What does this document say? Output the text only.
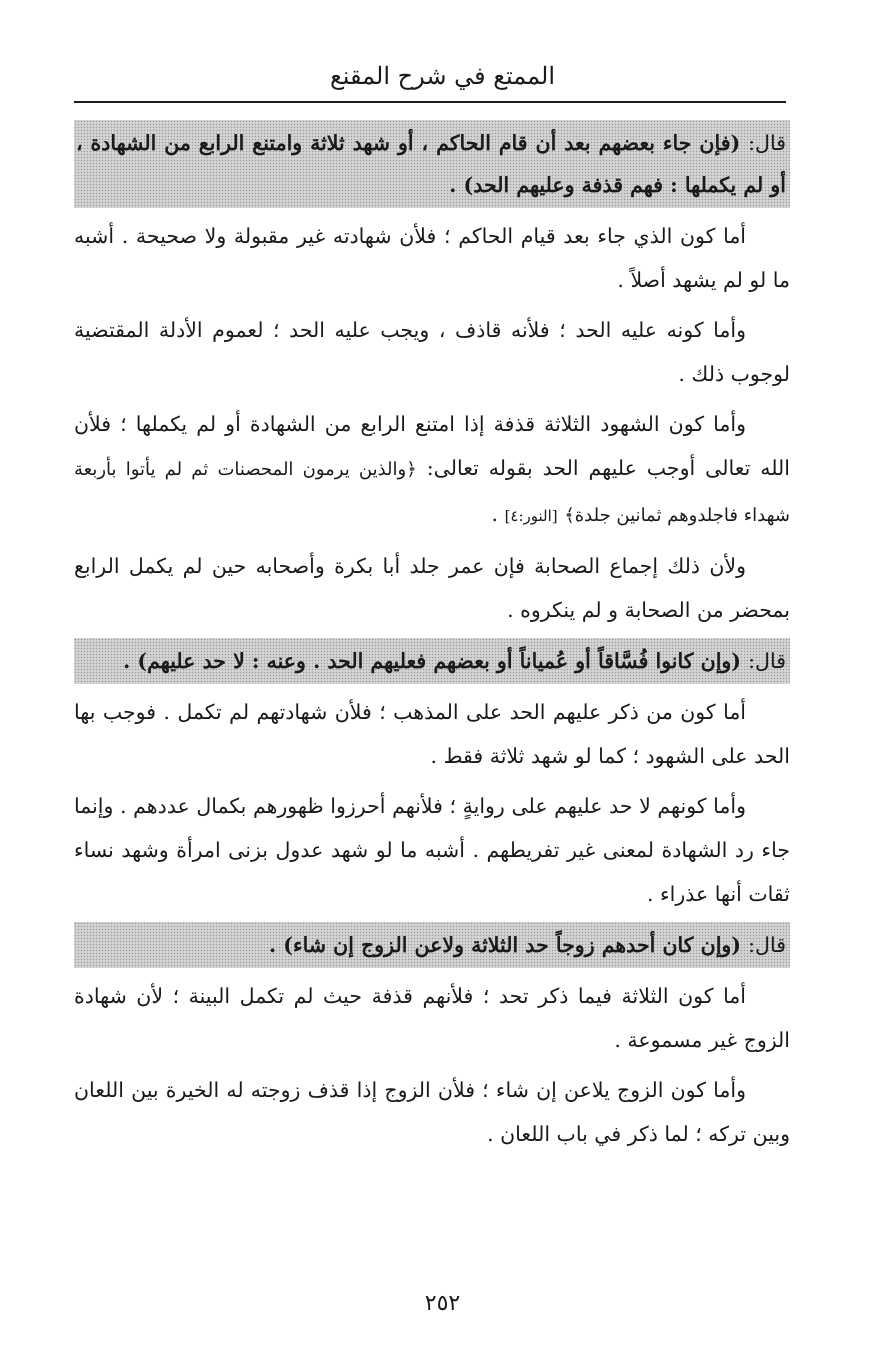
الممتع في شرح المقنع

قال: (فإن جاء بعضهم بعد أن قام الحاكم ، أو شهد ثلاثة وامتنع الرابع من الشهادة ، أو لم يكملها : فهم قذفة وعليهم الحد) .

أما كون الذي جاء بعد قيام الحاكم ؛ فلأن شهادته غير مقبولة ولا صحيحة . أشبه ما لو لم يشهد أصلاً .

وأما كونه عليه الحد ؛ فلأنه قاذف ، ويجب عليه الحد ؛ لعموم الأدلة المقتضية لوجوب ذلك .

وأما كون الشهود الثلاثة قذفة إذا امتنع الرابع من الشهادة أو لم يكملها ؛ فلأن الله تعالى أوجب عليهم الحد بقوله تعالى: ﴿والذين يرمون المحصنات ثم لم يأتوا بأربعة شهداء فاجلدوهم ثمانين جلدة﴾ [النور:٤] .

ولأن ذلك إجماع الصحابة فإن عمر جلد أبا بكرة وأصحابه حين لم يكمل الرابع بمحضر من الصحابة و لم ينكروه .

قال: (وإن كانوا فُسَّاقاً أو عُمياناً أو بعضهم فعليهم الحد . وعنه : لا حد عليهم) .

أما كون من ذكر عليهم الحد على المذهب ؛ فلأن شهادتهم لم تكمل . فوجب بها الحد على الشهود ؛ كما لو شهد ثلاثة فقط .

وأما كونهم لا حد عليهم على روايةٍ ؛ فلأنهم أحرزوا ظهورهم بكمال عددهم . وإنما جاء رد الشهادة لمعنى غير تفريطهم . أشبه ما لو شهد عدول بزنى امرأة وشهد نساء ثقات أنها عذراء .

قال: (وإن كان أحدهم زوجاً حد الثلاثة ولاعن الزوج إن شاء) .

أما كون الثلاثة فيما ذكر تحد ؛ فلأنهم قذفة حيث لم تكمل البينة ؛ لأن شهادة الزوج غير مسموعة .

وأما كون الزوج يلاعن إن شاء ؛ فلأن الزوج إذا قذف زوجته له الخيرة بين اللعان وبين تركه ؛ لما ذكر في باب اللعان .

٢٥٢
